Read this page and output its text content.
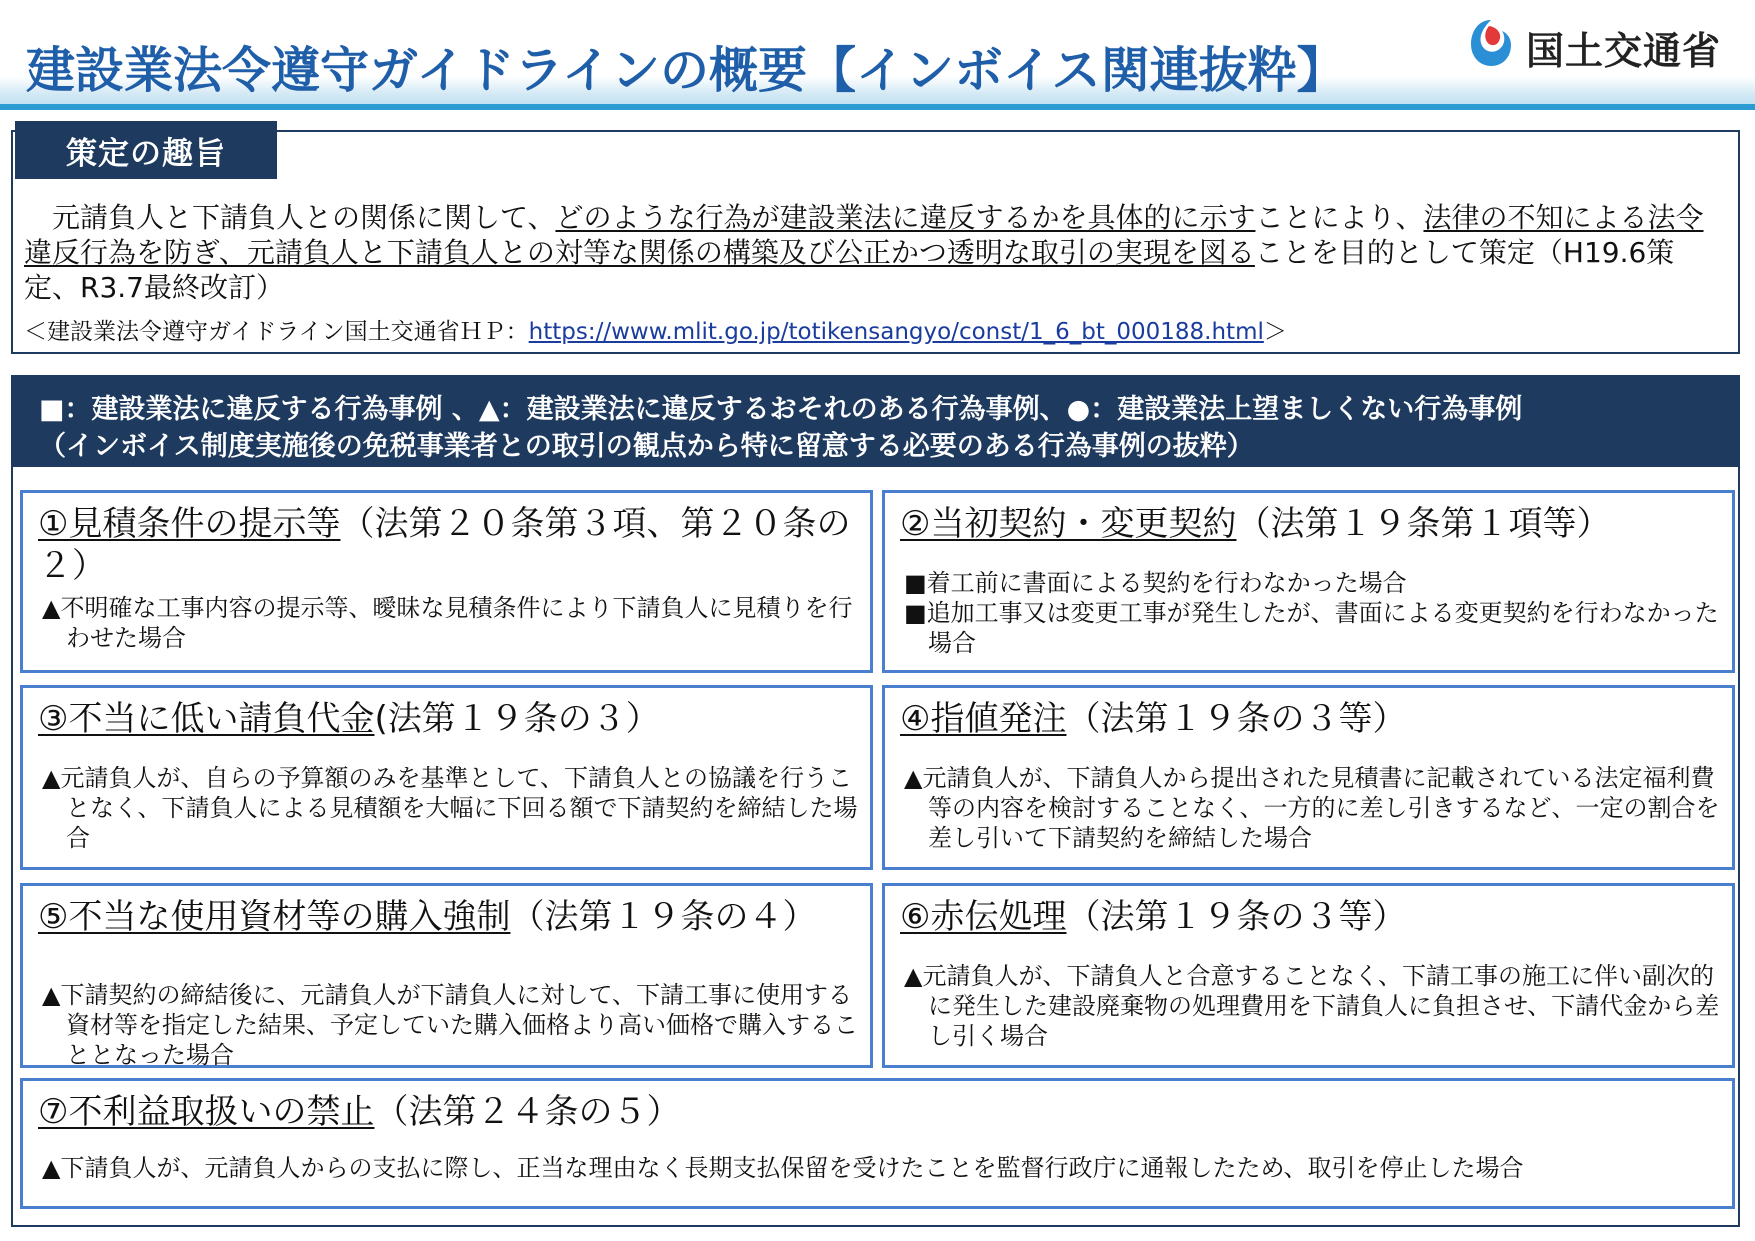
建設業法令遵守ガイドラインの概要【インボイス関連抜粋】	国土交通省
策定の趣旨
　元請負人と下請負人との関係に関して、どのような行為が建設業法に違反するかを具体的に示すことにより、法律の不知による法令違反行為を防ぎ、元請負人と下請負人との対等な関係の構築及び公正かつ透明な取引の実現を図ることを目的として策定（H19.6策定、R3.7最終改訂）
＜建設業法令遵守ガイドライン国土交通省ＨＰ：https://www.mlit.go.jp/totikensangyo/const/1_6_bt_000188.html＞
■：建設業法に違反する行為事例 、▲：建設業法に違反するおそれのある行為事例、●：建設業法上望ましくない行為事例
（インボイス制度実施後の免税事業者との取引の観点から特に留意する必要のある行為事例の抜粋）
①見積条件の提示等（法第２０条第３項、第２０条の２）
▲不明確な工事内容の提示等、曖昧な見積条件により下請負人に見積りを行わせた場合
②当初契約・変更契約（法第１９条第１項等）
■着工前に書面による契約を行わなかった場合
■追加工事又は変更工事が発生したが、書面による変更契約を行わなかった場合
③不当に低い請負代金(法第１９条の３）
▲元請負人が、自らの予算額のみを基準として、下請負人との協議を行うことなく、下請負人による見積額を大幅に下回る額で下請契約を締結した場合
④指値発注（法第１９条の３等）
▲元請負人が、下請負人から提出された見積書に記載されている法定福利費等の内容を検討することなく、一方的に差し引きするなど、一定の割合を差し引いて下請契約を締結した場合
⑤不当な使用資材等の購入強制（法第１９条の４）
▲下請契約の締結後に、元請負人が下請負人に対して、下請工事に使用する資材等を指定した結果、予定していた購入価格より高い価格で購入することとなった場合
⑥赤伝処理（法第１９条の３等）
▲元請負人が、下請負人と合意することなく、下請工事の施工に伴い副次的に発生した建設廃棄物の処理費用を下請負人に負担させ、下請代金から差し引く場合
⑦不利益取扱いの禁止（法第２４条の５）
▲下請負人が、元請負人からの支払に際し、正当な理由なく長期支払保留を受けたことを監督行政庁に通報したため、取引を停止した場合
